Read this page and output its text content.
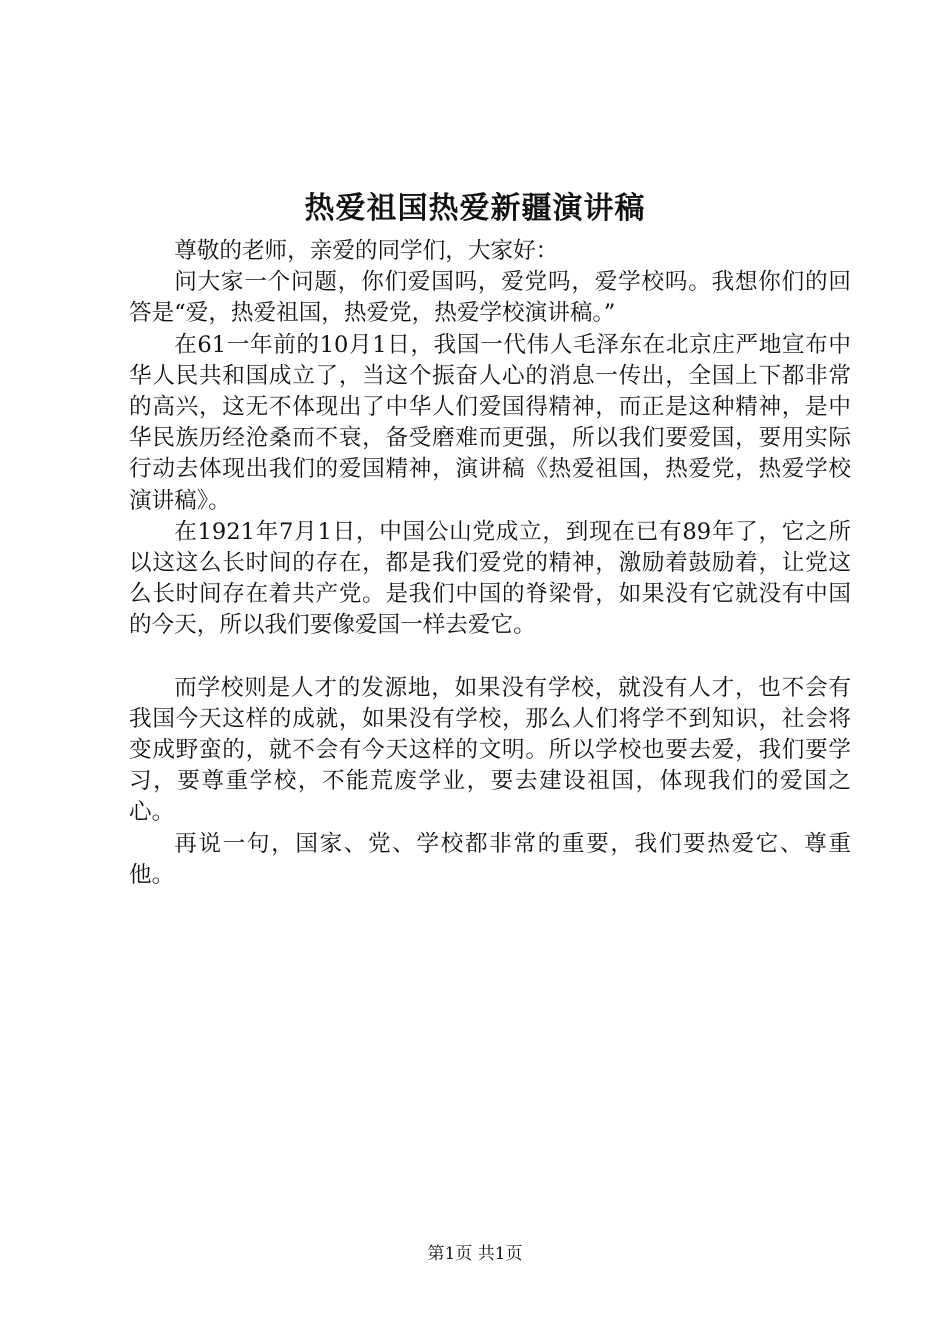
热爱祖国热爱新疆演讲稿

尊敬的老师，亲爱的同学们，大家好：

问大家一个问题，你们爱国吗，爱党吗，爱学校吗。我想你们的回答是“爱，热爱祖国，热爱党，热爱学校演讲稿。”

在61一年前的10月1日，我国一代伟人毛泽东在北京庄严地宣布中华人民共和国成立了，当这个振奋人心的消息一传出，全国上下都非常的高兴，这无不体现出了中华人们爱国得精神，而正是这种精神，是中华民族历经沧桑而不衰，备受磨难而更强，所以我们要爱国，要用实际行动去体现出我们的爱国精神，演讲稿《热爱祖国，热爱党，热爱学校演讲稿》。

在1921年7月1日，中国公山党成立，到现在已有89年了，它之所以这这么长时间的存在，都是我们爱党的精神，激励着鼓励着，让党这么长时间存在着共产党。是我们中国的脊梁骨，如果没有它就没有中国的今天，所以我们要像爱国一样去爱它。

而学校则是人才的发源地，如果没有学校，就没有人才，也不会有我国今天这样的成就，如果没有学校，那么人们将学不到知识，社会将变成野蛮的，就不会有今天这样的文明。所以学校也要去爱，我们要学习，要尊重学校，不能荒废学业，要去建设祖国，体现我们的爱国之心。

再说一句，国家、党、学校都非常的重要，我们要热爱它、尊重他。

第1页 共1页
